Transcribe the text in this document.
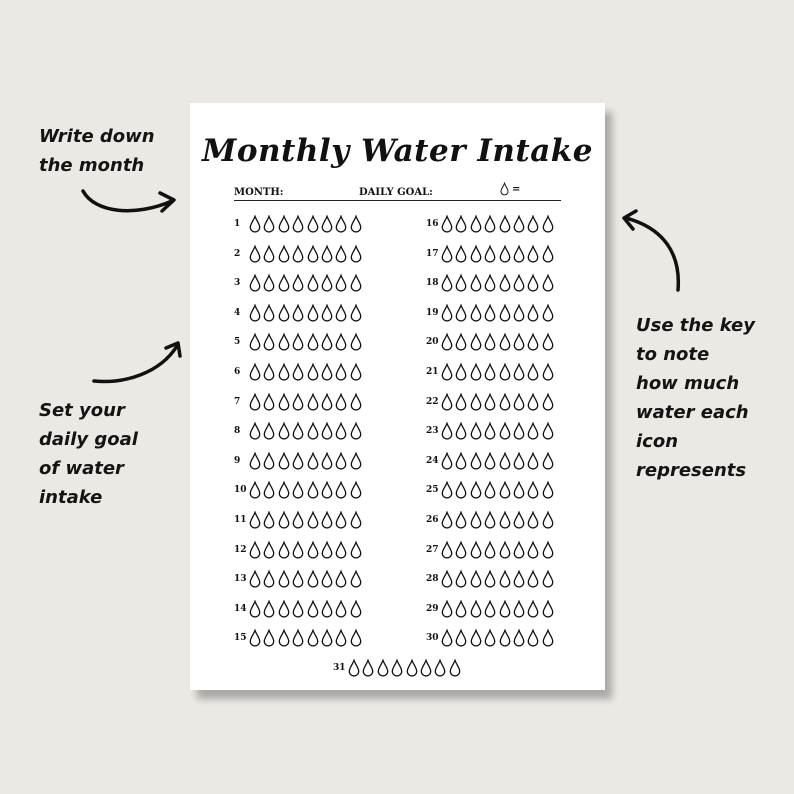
Write down
the month
Set your
daily goal
of water
intake
Use the key
to note
how much
water each
icon
represents
Monthly Water Intake
MONTH:	DAILY GOAL:	=
1
2
3
4
5
6
7
8
9
10
11
12
13
14
15
16
17
18
19
20
21
22
23
24
25
26
27
28
29
30
31
